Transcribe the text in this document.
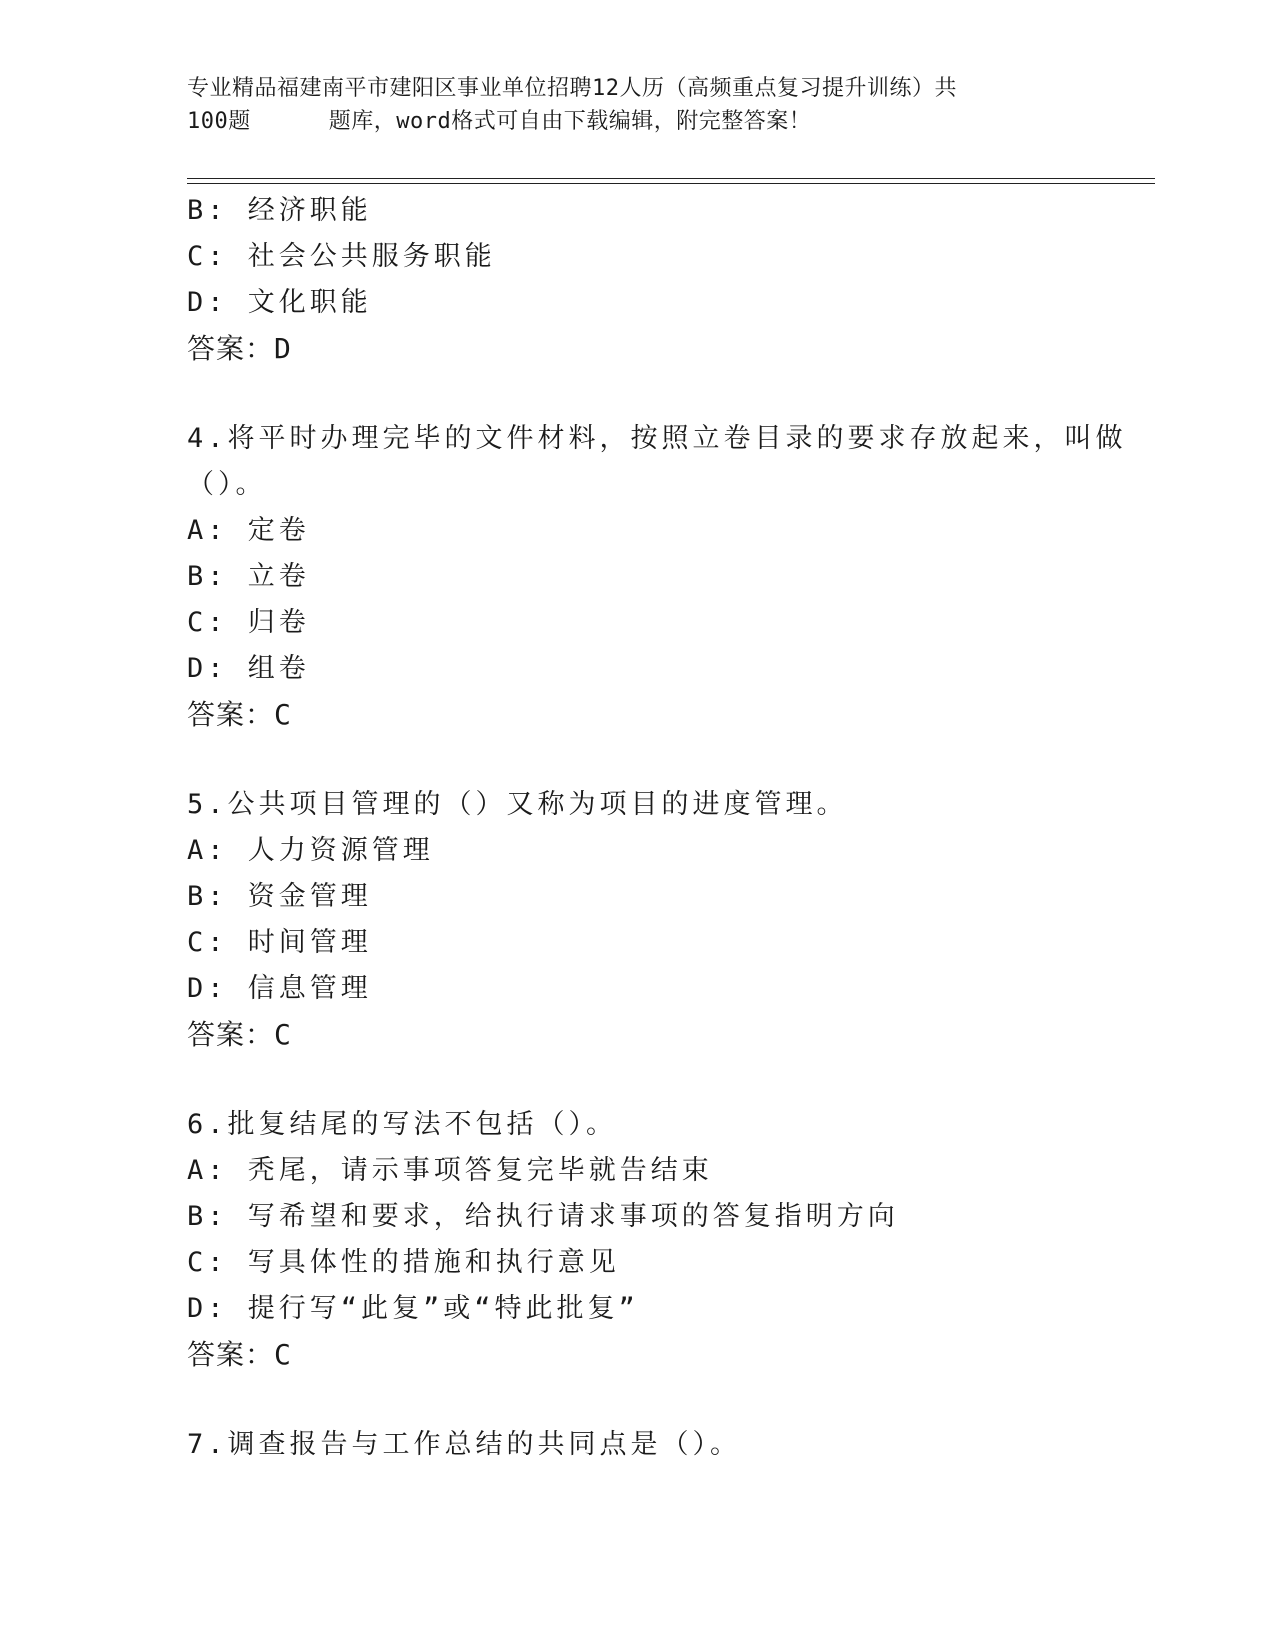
专业精品福建南平市建阳区事业单位招聘12人历（高频重点复习提升训练）共
100题	题库，word格式可自由下载编辑，附完整答案！
B: 经济职能
C: 社会公共服务职能
D: 文化职能
答案：D
4.将平时办理完毕的文件材料，按照立卷目录的要求存放起来，叫做
（）。
A: 定卷
B: 立卷
C: 归卷
D: 组卷
答案：C
5.公共项目管理的（）又称为项目的进度管理。
A: 人力资源管理
B: 资金管理
C: 时间管理
D: 信息管理
答案：C
6.批复结尾的写法不包括（）。
A: 秃尾，请示事项答复完毕就告结束
B: 写希望和要求，给执行请求事项的答复指明方向
C: 写具体性的措施和执行意见
D: 提行写“此复”或“特此批复”
答案：C
7.调查报告与工作总结的共同点是（）。
